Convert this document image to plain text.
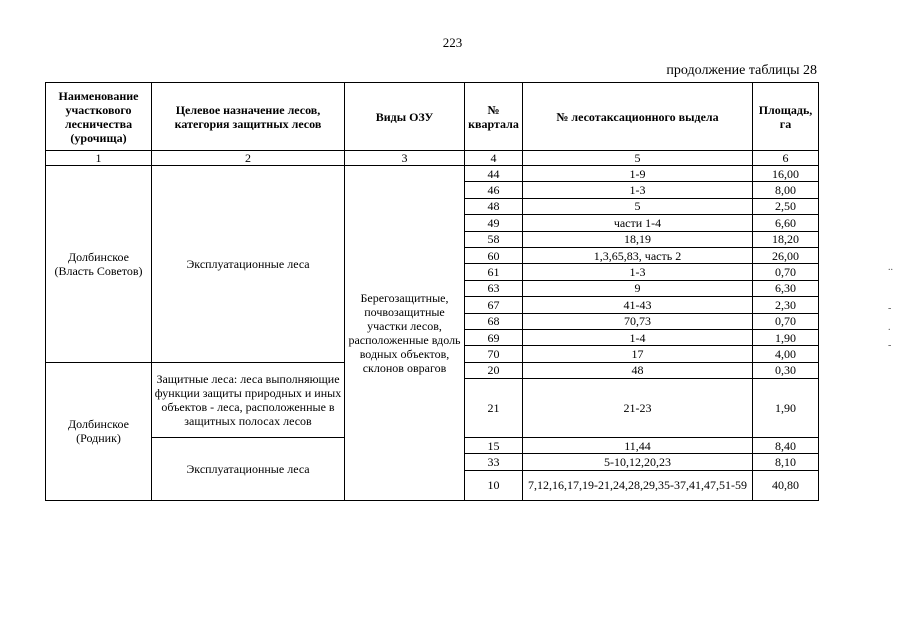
223
продолжение таблицы 28
Наименование участкового лесничества (урочища)	Целевое назначение лесов, категория защитных лесов	Виды ОЗУ	№ квартала	№ лесотаксационного выдела	Площадь, га
1	2	3	4	5	6
Долбинское (Власть Советов)	Эксплуатационные леса	Берегозащитные, почвозащитные участки лесов, расположенные вдоль водных объектов, склонов оврагов	44	1-9	16,00
			46	1-3	8,00
			48	5	2,50
			49	части 1-4	6,60
			58	18,19	18,20
			60	1,3,65,83, часть 2	26,00
			61	1-3	0,70
			63	9	6,30
			67	41-43	2,30
			68	70,73	0,70
			69	1-4	1,90
			70	17	4,00
Долбинское (Родник)	Защитные леса: леса выполняющие функции защиты природных и иных объектов - леса, расположенные в защитных полосах лесов		20	48	0,30
			21	21-23	1,90
	Эксплуатационные леса		15	11,44	8,40
			33	5-10,12,20,23	8,10
			10	7,12,16,17,19-21,24,28,29,35-37,41,47,51-59	40,80
..
-
.
-
